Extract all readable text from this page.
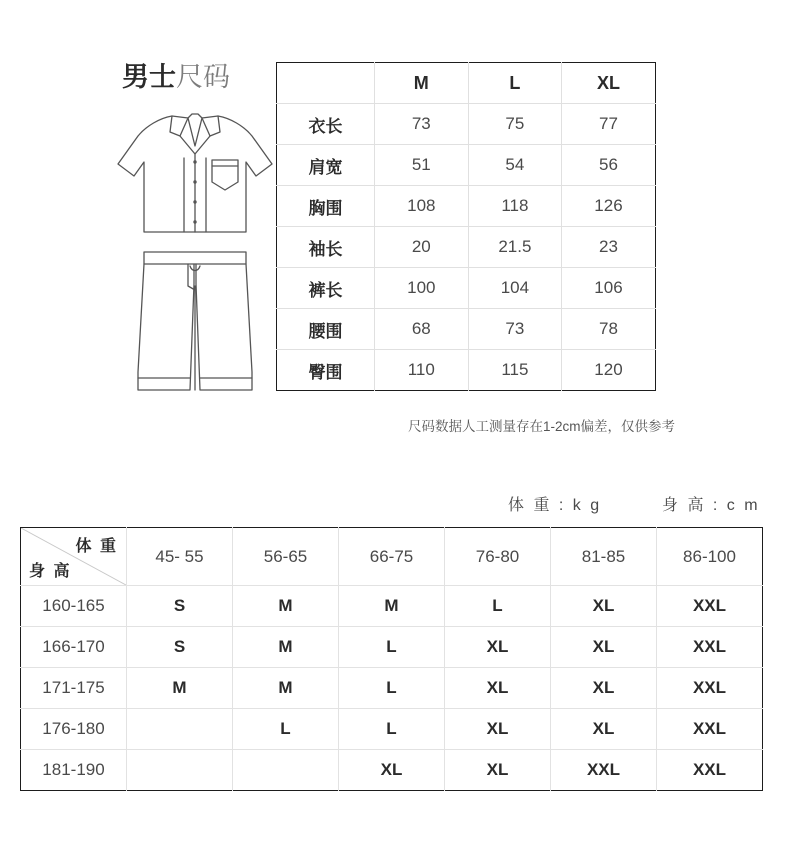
男士尺码
		M	L	XL
衣长	73	75	77
肩宽	51	54	56
胸围	108	118	126
袖长	20	21.5	23
裤长	100	104	106
腰围	68	73	78
臀围	110	115	120
尺码数据人工测量存在1-2cm偏差，仅供参考
体 重 : k g	身 高 : c m
体 重
身 高	45- 55	56-65	66-75	76-80	81-85	86-100
160-165	S	M	M	L	XL	XXL
166-170	S	M	L	XL	XL	XXL
171-175	M	M	L	XL	XL	XXL
176-180		L	L	XL	XL	XXL
181-190			XL	XL	XXL	XXL
